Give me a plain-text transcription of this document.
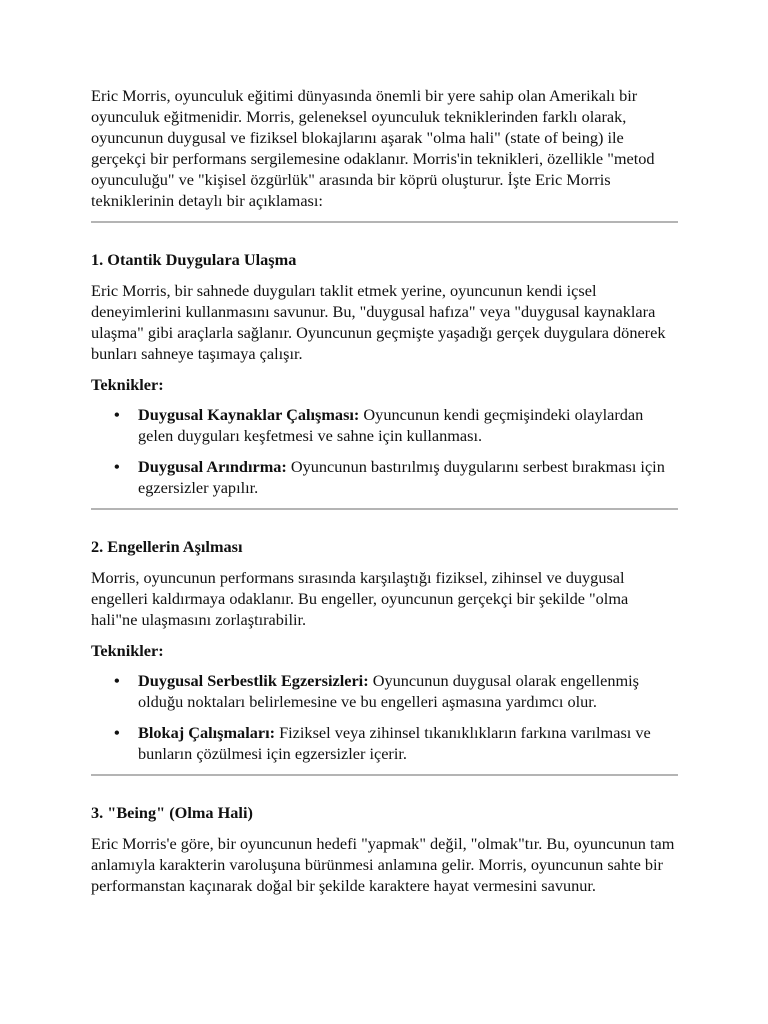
Eric Morris, oyunculuk eğitimi dünyasında önemli bir yere sahip olan Amerikalı bir oyunculuk eğitmenidir. Morris, geleneksel oyunculuk tekniklerinden farklı olarak, oyuncunun duygusal ve fiziksel blokajlarını aşarak "olma hali" (state of being) ile gerçekçi bir performans sergilemesine odaklanır. Morris'in teknikleri, özellikle "metod oyunculuğu" ve "kişisel özgürlük" arasında bir köprü oluşturur. İşte Eric Morris tekniklerinin detaylı bir açıklaması:

1. Otantik Duygulara Ulaşma

Eric Morris, bir sahnede duyguları taklit etmek yerine, oyuncunun kendi içsel deneyimlerini kullanmasını savunur. Bu, "duygusal hafıza" veya "duygusal kaynaklara ulaşma" gibi araçlarla sağlanır. Oyuncunun geçmişte yaşadığı gerçek duygulara dönerek bunları sahneye taşımaya çalışır.

Teknikler:

• Duygusal Kaynaklar Çalışması: Oyuncunun kendi geçmişindeki olaylardan gelen duyguları keşfetmesi ve sahne için kullanması.
• Duygusal Arındırma: Oyuncunun bastırılmış duygularını serbest bırakması için egzersizler yapılır.
2. Engellerin Aşılması

Morris, oyuncunun performans sırasında karşılaştığı fiziksel, zihinsel ve duygusal engelleri kaldırmaya odaklanır. Bu engeller, oyuncunun gerçekçi bir şekilde "olma hali"ne ulaşmasını zorlaştırabilir.

Teknikler:

• Duygusal Serbestlik Egzersizleri: Oyuncunun duygusal olarak engellenmiş olduğu noktaları belirlemesine ve bu engelleri aşmasına yardımcı olur.
• Blokaj Çalışmaları: Fiziksel veya zihinsel tıkanıklıkların farkına varılması ve bunların çözülmesi için egzersizler içerir.
3. "Being" (Olma Hali)

Eric Morris'e göre, bir oyuncunun hedefi "yapmak" değil, "olmak"tır. Bu, oyuncunun tam anlamıyla karakterin varoluşuna bürünmesi anlamına gelir. Morris, oyuncunun sahte bir performanstan kaçınarak doğal bir şekilde karaktere hayat vermesini savunur.
